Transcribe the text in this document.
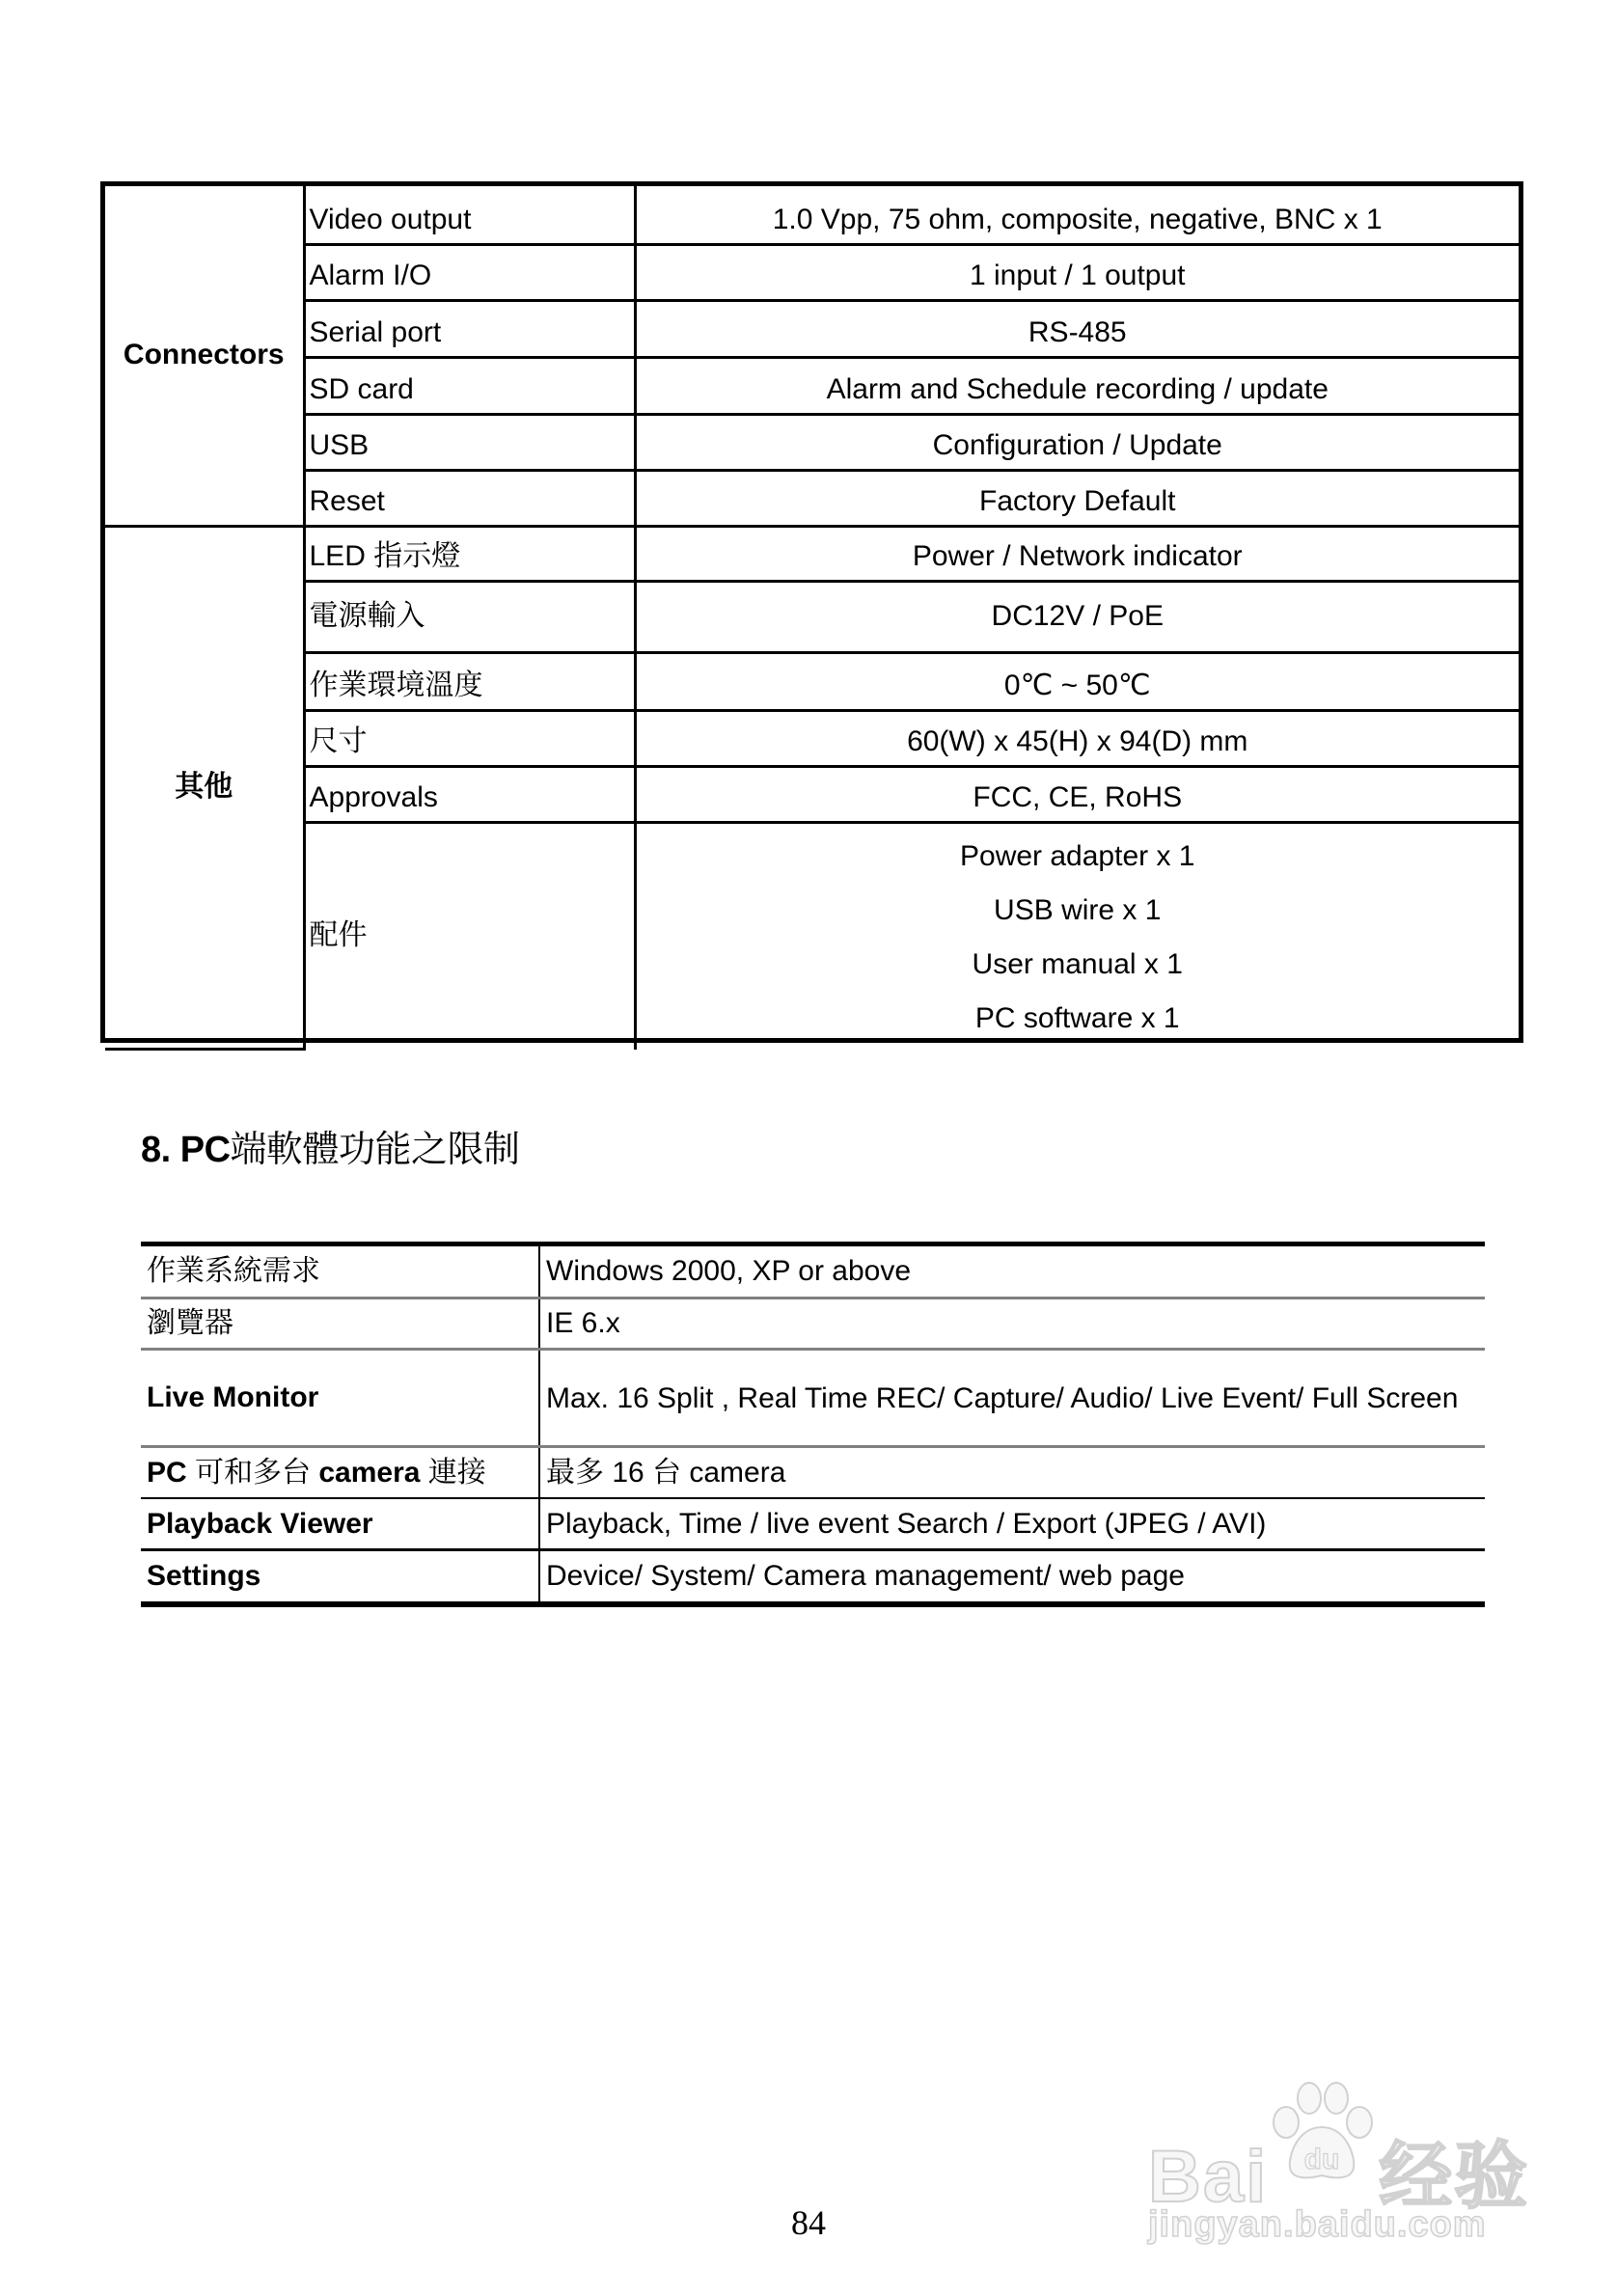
Connectors	Video output	1.0 Vpp, 75 ohm, composite, negative, BNC x 1
	Alarm I/O	1 input / 1 output
	Serial port	RS-485
	SD card	Alarm and Schedule recording / update
	USB	Configuration / Update
	Reset	Factory Default
其他	LED 指示燈	Power / Network indicator
	電源輸入	DC12V / PoE
	作業環境溫度	0℃ ~ 50℃
	尺寸	60(W) x 45(H) x 94(D) mm
	Approvals	FCC, CE, RoHS
	配件	Power adapter x 1
USB wire x 1
User manual x 1
PC software x 1
8. PC端軟體功能之限制
作業系統需求	Windows 2000, XP or above
瀏覽器	IE 6.x
Live Monitor	Max. 16 Split , Real Time REC/ Capture/ Audio/ Live Event/ Full Screen
PC 可和多台 camera 連接	最多 16 台 camera
Playback Viewer	Playback, Time / live event Search / Export (JPEG / AVI)
Settings	Device/ System/ Camera management/ web page
du
Bai 经验
jingyan.baidu.com
84
